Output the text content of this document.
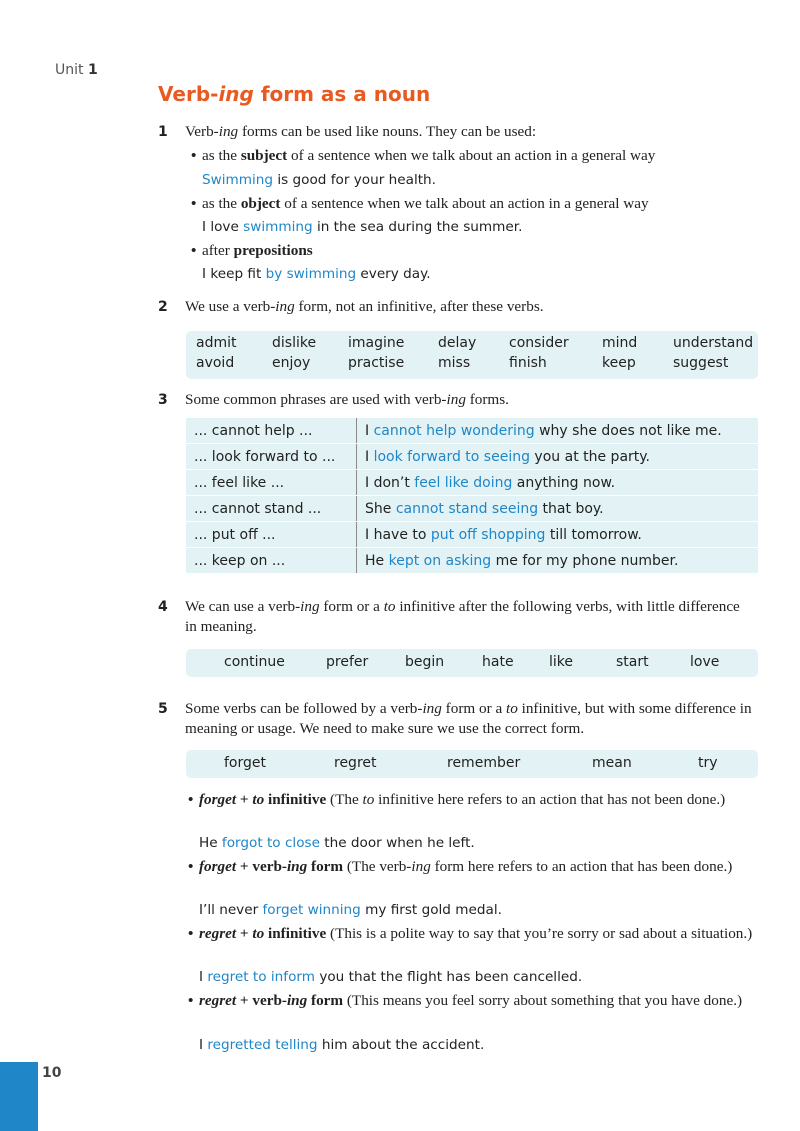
Unit 1
Verb-ing form as a noun
1 Verb-ing forms can be used like nouns. They can be used:
• as the subject of a sentence when we talk about an action in a general way
Swimming is good for your health.
• as the object of a sentence when we talk about an action in a general way
I love swimming in the sea during the summer.
• after prepositions
I keep fit by swimming every day.
2 We use a verb-ing form, not an infinitive, after these verbs.
admit	dislike imagine delay consider mind	understand
avoid	enjoy	practise miss	finish	keep	suggest
3 Some common phrases are used with verb-ing forms.
... cannot help ...	I cannot help wondering why she does not like me.
... look forward to ...	I look forward to seeing you at the party.
... feel like ...	I don’t feel like doing anything now.
... cannot stand ...	She cannot stand seeing that boy.
... put off ...	I have to put off shopping till tomorrow.
... keep on ...	He kept on asking me for my phone number.
4 We can use a verb-ing form or a to infinitive after the following verbs, with little difference in meaning.
continue	prefer	begin	hate	like	start	love
5 Some verbs can be followed by a verb-ing form or a to infinitive, but with some difference in meaning or usage. We need to make sure we use the correct form.
forget	regret	remember	mean	try
• forget + to infinitive (The to infinitive here refers to an action that has not been done.)
He forgot to close the door when he left.
• forget + verb-ing form (The verb-ing form here refers to an action that has been done.)
I’ll never forget winning my first gold medal.
• regret + to infinitive (This is a polite way to say that you’re sorry or sad about a situation.)
I regret to inform you that the flight has been cancelled.
• regret + verb-ing form (This means you feel sorry about something that you have done.)
I regretted telling him about the accident.
10
